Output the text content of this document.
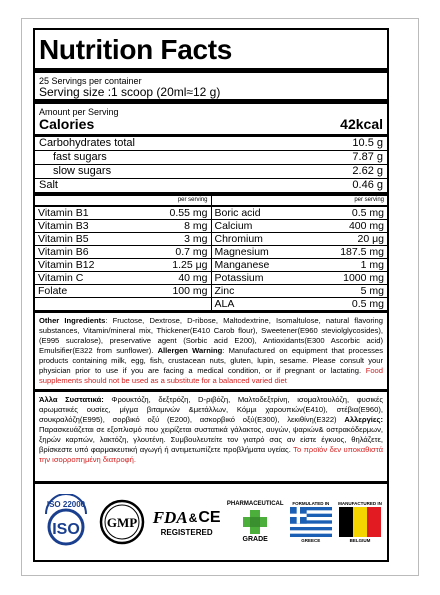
Nutrition Facts
25 Servings per container
Serving size :1 scoop (20ml≈12 g)
Amount per Serving
Calories	42kcal
Carbohydrates total	10.5 g
fast sugars	7.87 g
slow sugars	2.62 g
Salt	0.46 g
per serving
Vitamin B1	0.55 mg
Vitamin B3	8 mg
Vitamin B5	3 mg
Vitamin B6	0.7 mg
Vitamin B12	1.25 μg
Vitamin C	40 mg
Folate	100 mg
per serving
Boric acid	0.5 mg
Calcium	400 mg
Chromium	20 μg
Magnesium	187.5 mg
Manganese	1 mg
Potassium	1000 mg
Zinc	5 mg
ALA	0.5 mg
Other Ingredients: Fructose, Dextrose, D-ribose, Maltodextrine, Isomaltulose, natural flavoring substances, Vitamin/mineral mix, Thickener(E410 Carob flour), Sweetener(E960 steviolglycosides), (E995 sucralose), preservative agent (Sorbic acid E200), Antioxidants(E300 Ascorbic acid) Emulsifier(E322 from sunflower). Allergen Warning: Manufactured on equipment that processes products containing milk, egg, fish, crustacean nuts, gluten, lupin, sesame. Please consult your physician prior to use if you are facing a medical condition, or if pregnant or lactating. Food supplements should not be used as a substitute for a balanced varied diet
Άλλα Συστατικά: Φρουκτόζη, δεξτρόζη, D-ριβόζη, Μαλτοδεξτρίνη, ισομαλτουλόζη, φυσικές αρωματικές ουσίες, μίγμα βιταμινών &μετάλλων, Κόμμι χαρουπιών(E410), στέβια(E960), σουκραλόζη(E995), σορβικό οξύ (E200), ασκορβικό οξύ(E300), λεκιθίνη(E322) Αλλεργίες: Παρασκευάζεται σε εξοπλισμό που χειρίζεται συστατικά γάλακτος, αυγών, ψαριών& οστρακόδερμων, ξηρών καρπών, λακτόζη, γλουτένη. Συμβουλευτείτε τον γιατρό σας αν είστε έγκυος, θηλάζετε, βρίσκεστε υπό φαρμακευτική αγωγή ή αντιμετωπίζετε προβλήματα υγείας. Το προϊόν δεν υποκαθιστά την ισορροπημένη διατροφή.
ISO 22000
ISO GMP FDA & CE
REGISTERED
PHARMACEUTICAL
GRADE
FORMULATED IN
GREECE
MANUFACTURED IN
BELGIUM
